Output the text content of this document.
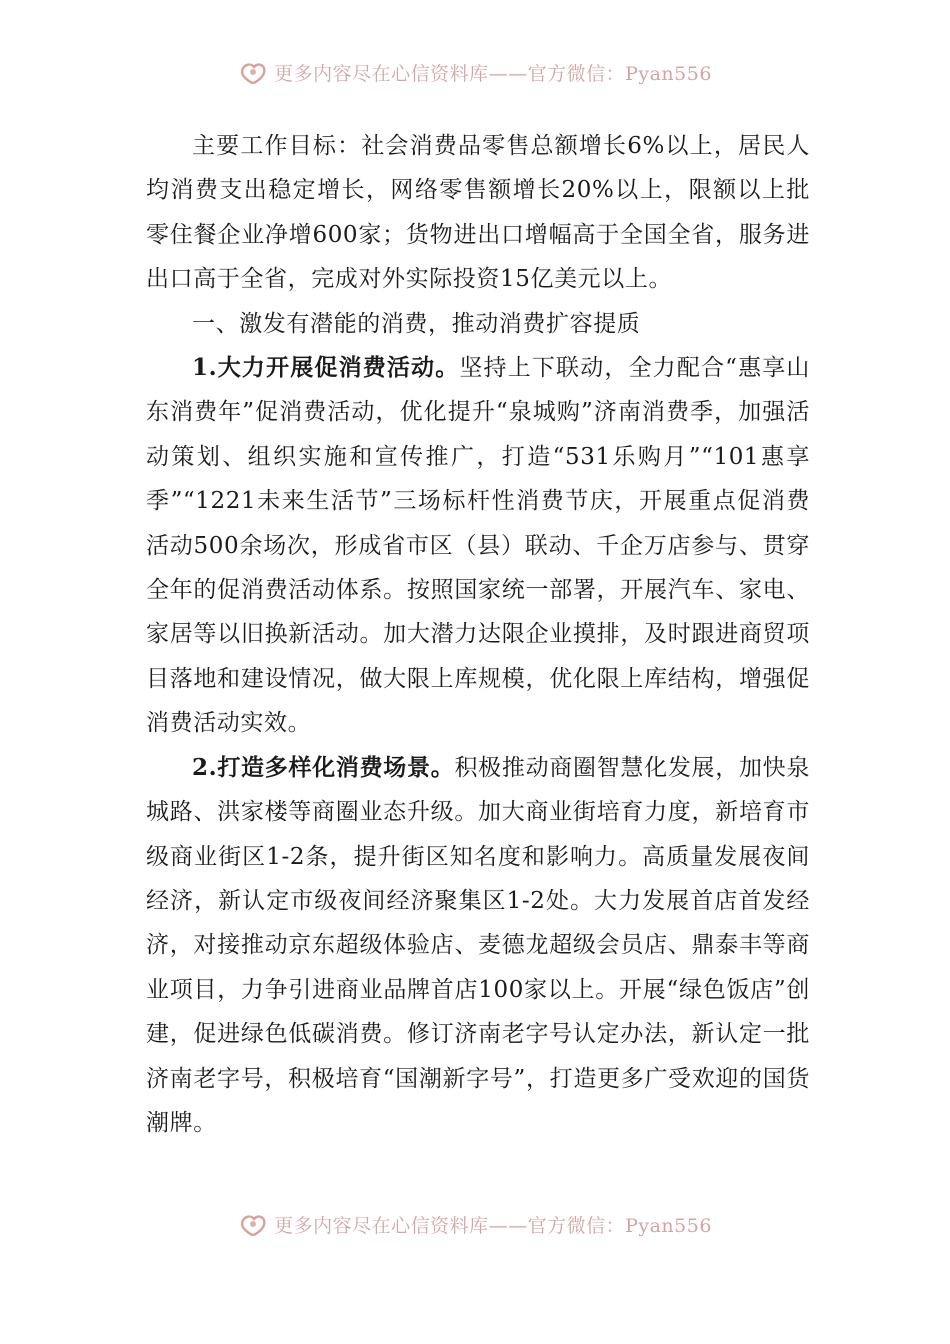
更多内容尽在心信资料库——官方微信：Pyan556

主要工作目标：社会消费品零售总额增长6%以上，居民人均消费支出稳定增长，网络零售额增长20%以上，限额以上批零住餐企业净增600家；货物进出口增幅高于全国全省，服务进出口高于全省，完成对外实际投资15亿美元以上。

一、激发有潜能的消费，推动消费扩容提质

1.大力开展促消费活动。坚持上下联动，全力配合“惠享山东消费年”促消费活动，优化提升“泉城购”济南消费季，加强活动策划、组织实施和宣传推广，打造“531乐购月”“101惠享季”“1221未来生活节”三场标杆性消费节庆，开展重点促消费活动500余场次，形成省市区（县）联动、千企万店参与、贯穿全年的促消费活动体系。按照国家统一部署，开展汽车、家电、家居等以旧换新活动。加大潜力达限企业摸排，及时跟进商贸项目落地和建设情况，做大限上库规模，优化限上库结构，增强促消费活动实效。

2.打造多样化消费场景。积极推动商圈智慧化发展，加快泉城路、洪家楼等商圈业态升级。加大商业街培育力度，新培育市级商业街区1-2条，提升街区知名度和影响力。高质量发展夜间经济，新认定市级夜间经济聚集区1-2处。大力发展首店首发经济，对接推动京东超级体验店、麦德龙超级会员店、鼎泰丰等商业项目，力争引进商业品牌首店100家以上。开展“绿色饭店”创建，促进绿色低碳消费。修订济南老字号认定办法，新认定一批济南老字号，积极培育“国潮新字号”，打造更多广受欢迎的国货潮牌。

更多内容尽在心信资料库——官方微信：Pyan556
